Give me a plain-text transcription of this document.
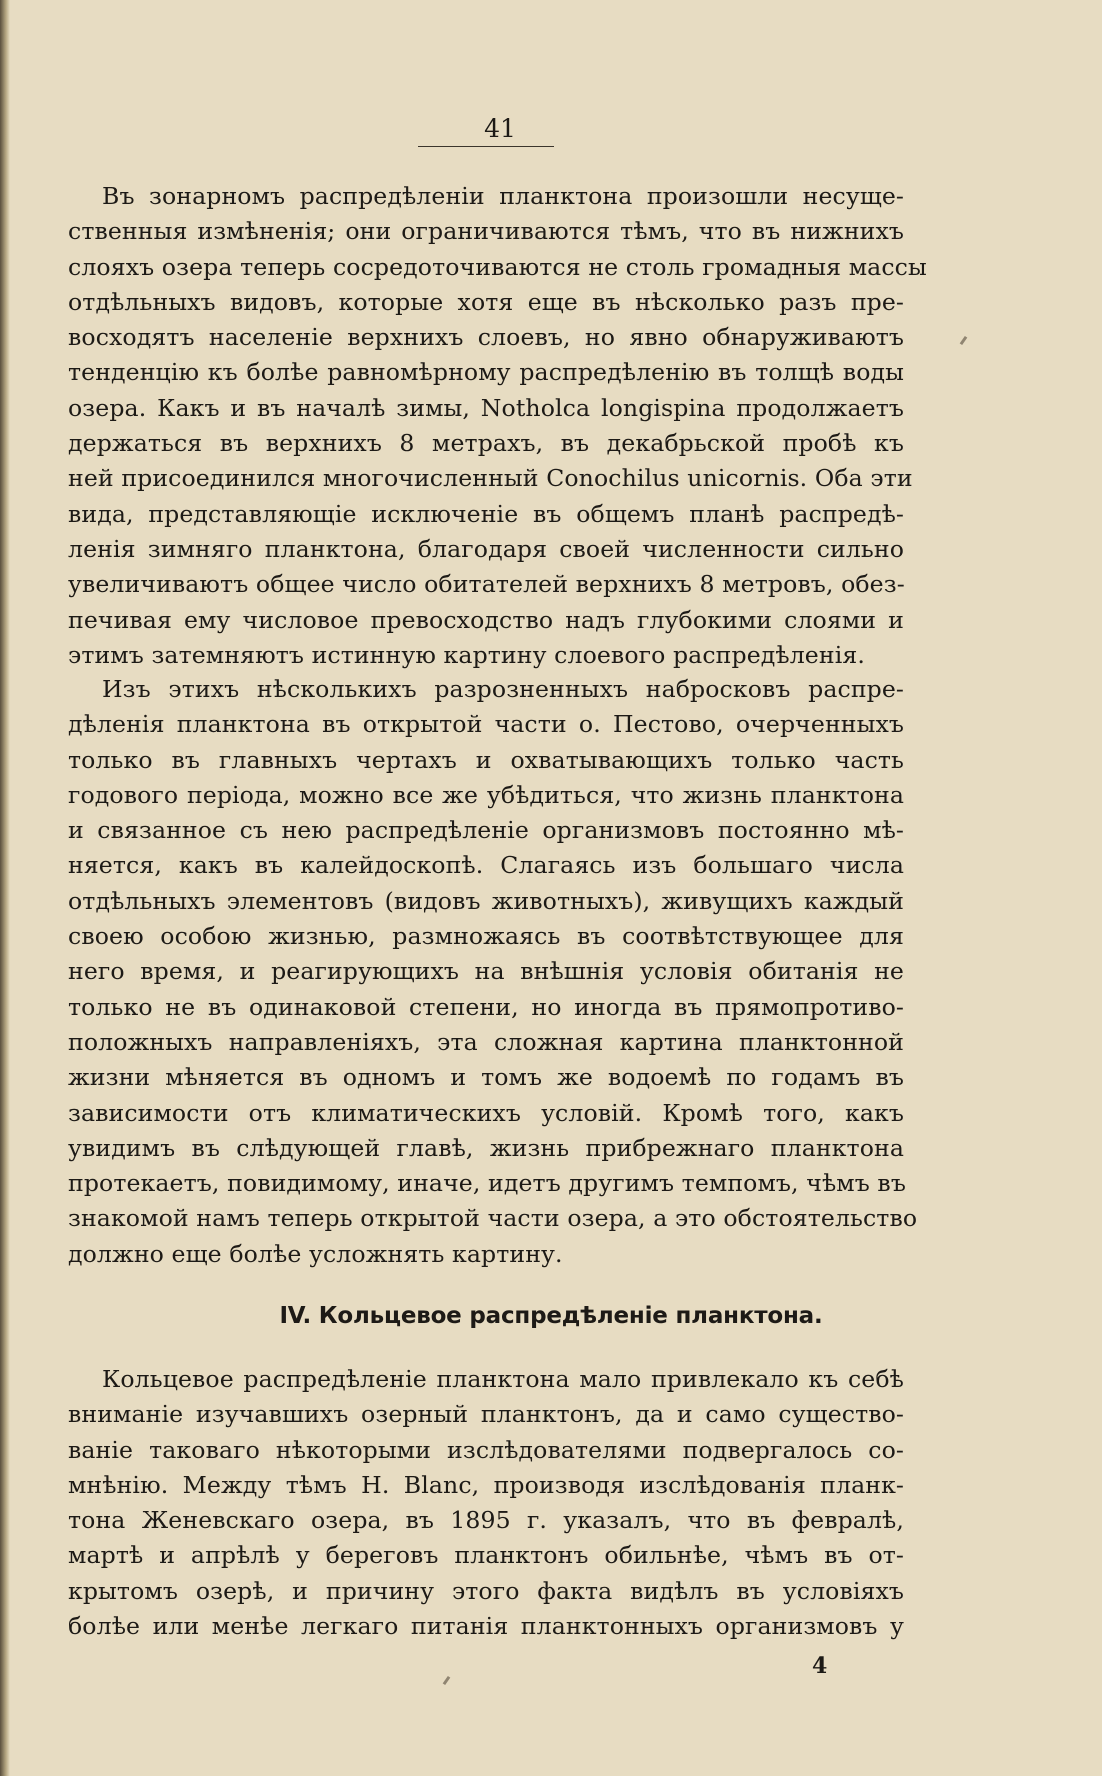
41
Въ зонарномъ распредѣленіи планктона произошли несуще-
ственныя измѣненія; они ограничиваются тѣмъ, что въ нижнихъ
слояхъ озера теперь сосредоточиваются не столь громадныя массы
отдѣльныхъ видовъ, которые хотя еще въ нѣсколько разъ пре-
восходятъ населеніе верхнихъ слоевъ, но явно обнаруживаютъ
тенденцію къ болѣе равномѣрному распредѣленію въ толщѣ воды
озера. Какъ и въ началѣ зимы, Notholca longispina продолжаетъ
держаться въ верхнихъ 8 метрахъ, въ декабрьской пробѣ къ
ней присоединился многочисленный Conochilus unicornis. Оба эти
вида, представляющіе исключеніе въ общемъ планѣ распредѣ-
ленія зимняго планктона, благодаря своей численности сильно
увеличиваютъ общее число обитателей верхнихъ 8 метровъ, обез-
печивая ему числовое превосходство надъ глубокими слоями и
этимъ затемняютъ истинную картину слоевого распредѣленія.
Изъ этихъ нѣсколькихъ разрозненныхъ набросковъ распре-
дѣленія планктона въ открытой части о. Пестово, очерченныхъ
только въ главныхъ чертахъ и охватывающихъ только часть
годового періода, можно все же убѣдиться, что жизнь планктона
и связанное съ нею распредѣленіе организмовъ постоянно мѣ-
няется, какъ въ калейдоскопѣ. Слагаясь изъ большаго числа
отдѣльныхъ элементовъ (видовъ животныхъ), живущихъ каждый
своею особою жизнью, размножаясь въ соотвѣтствующее для
него время, и реагирующихъ на внѣшнія условія обитанія не
только не въ одинаковой степени, но иногда въ прямопротиво-
положныхъ направленіяхъ, эта сложная картина планктонной
жизни мѣняется въ одномъ и томъ же водоемѣ по годамъ въ
зависимости отъ климатическихъ условій. Кромѣ того, какъ
увидимъ въ слѣдующей главѣ, жизнь прибрежнаго планктона
протекаетъ, повидимому, иначе, идетъ другимъ темпомъ, чѣмъ въ
знакомой намъ теперь открытой части озера, а это обстоятельство
должно еще болѣе усложнять картину.
IV. Кольцевое распредѣленіе планктона.
Кольцевое распредѣленіе планктона мало привлекало къ себѣ
вниманіе изучавшихъ озерный планктонъ, да и само существо-
ваніе таковаго нѣкоторыми изслѣдователями подвергалось со-
мнѣнію. Между тѣмъ H. Blanc, производя изслѣдованія планк-
тона Женевскаго озера, въ 1895 г. указалъ, что въ февралѣ,
мартѣ и апрѣлѣ у береговъ планктонъ обильнѣе, чѣмъ въ от-
крытомъ озерѣ, и причину этого факта видѣлъ въ условіяхъ
болѣе или менѣе легкаго питанія планктонныхъ организмовъ у
4
